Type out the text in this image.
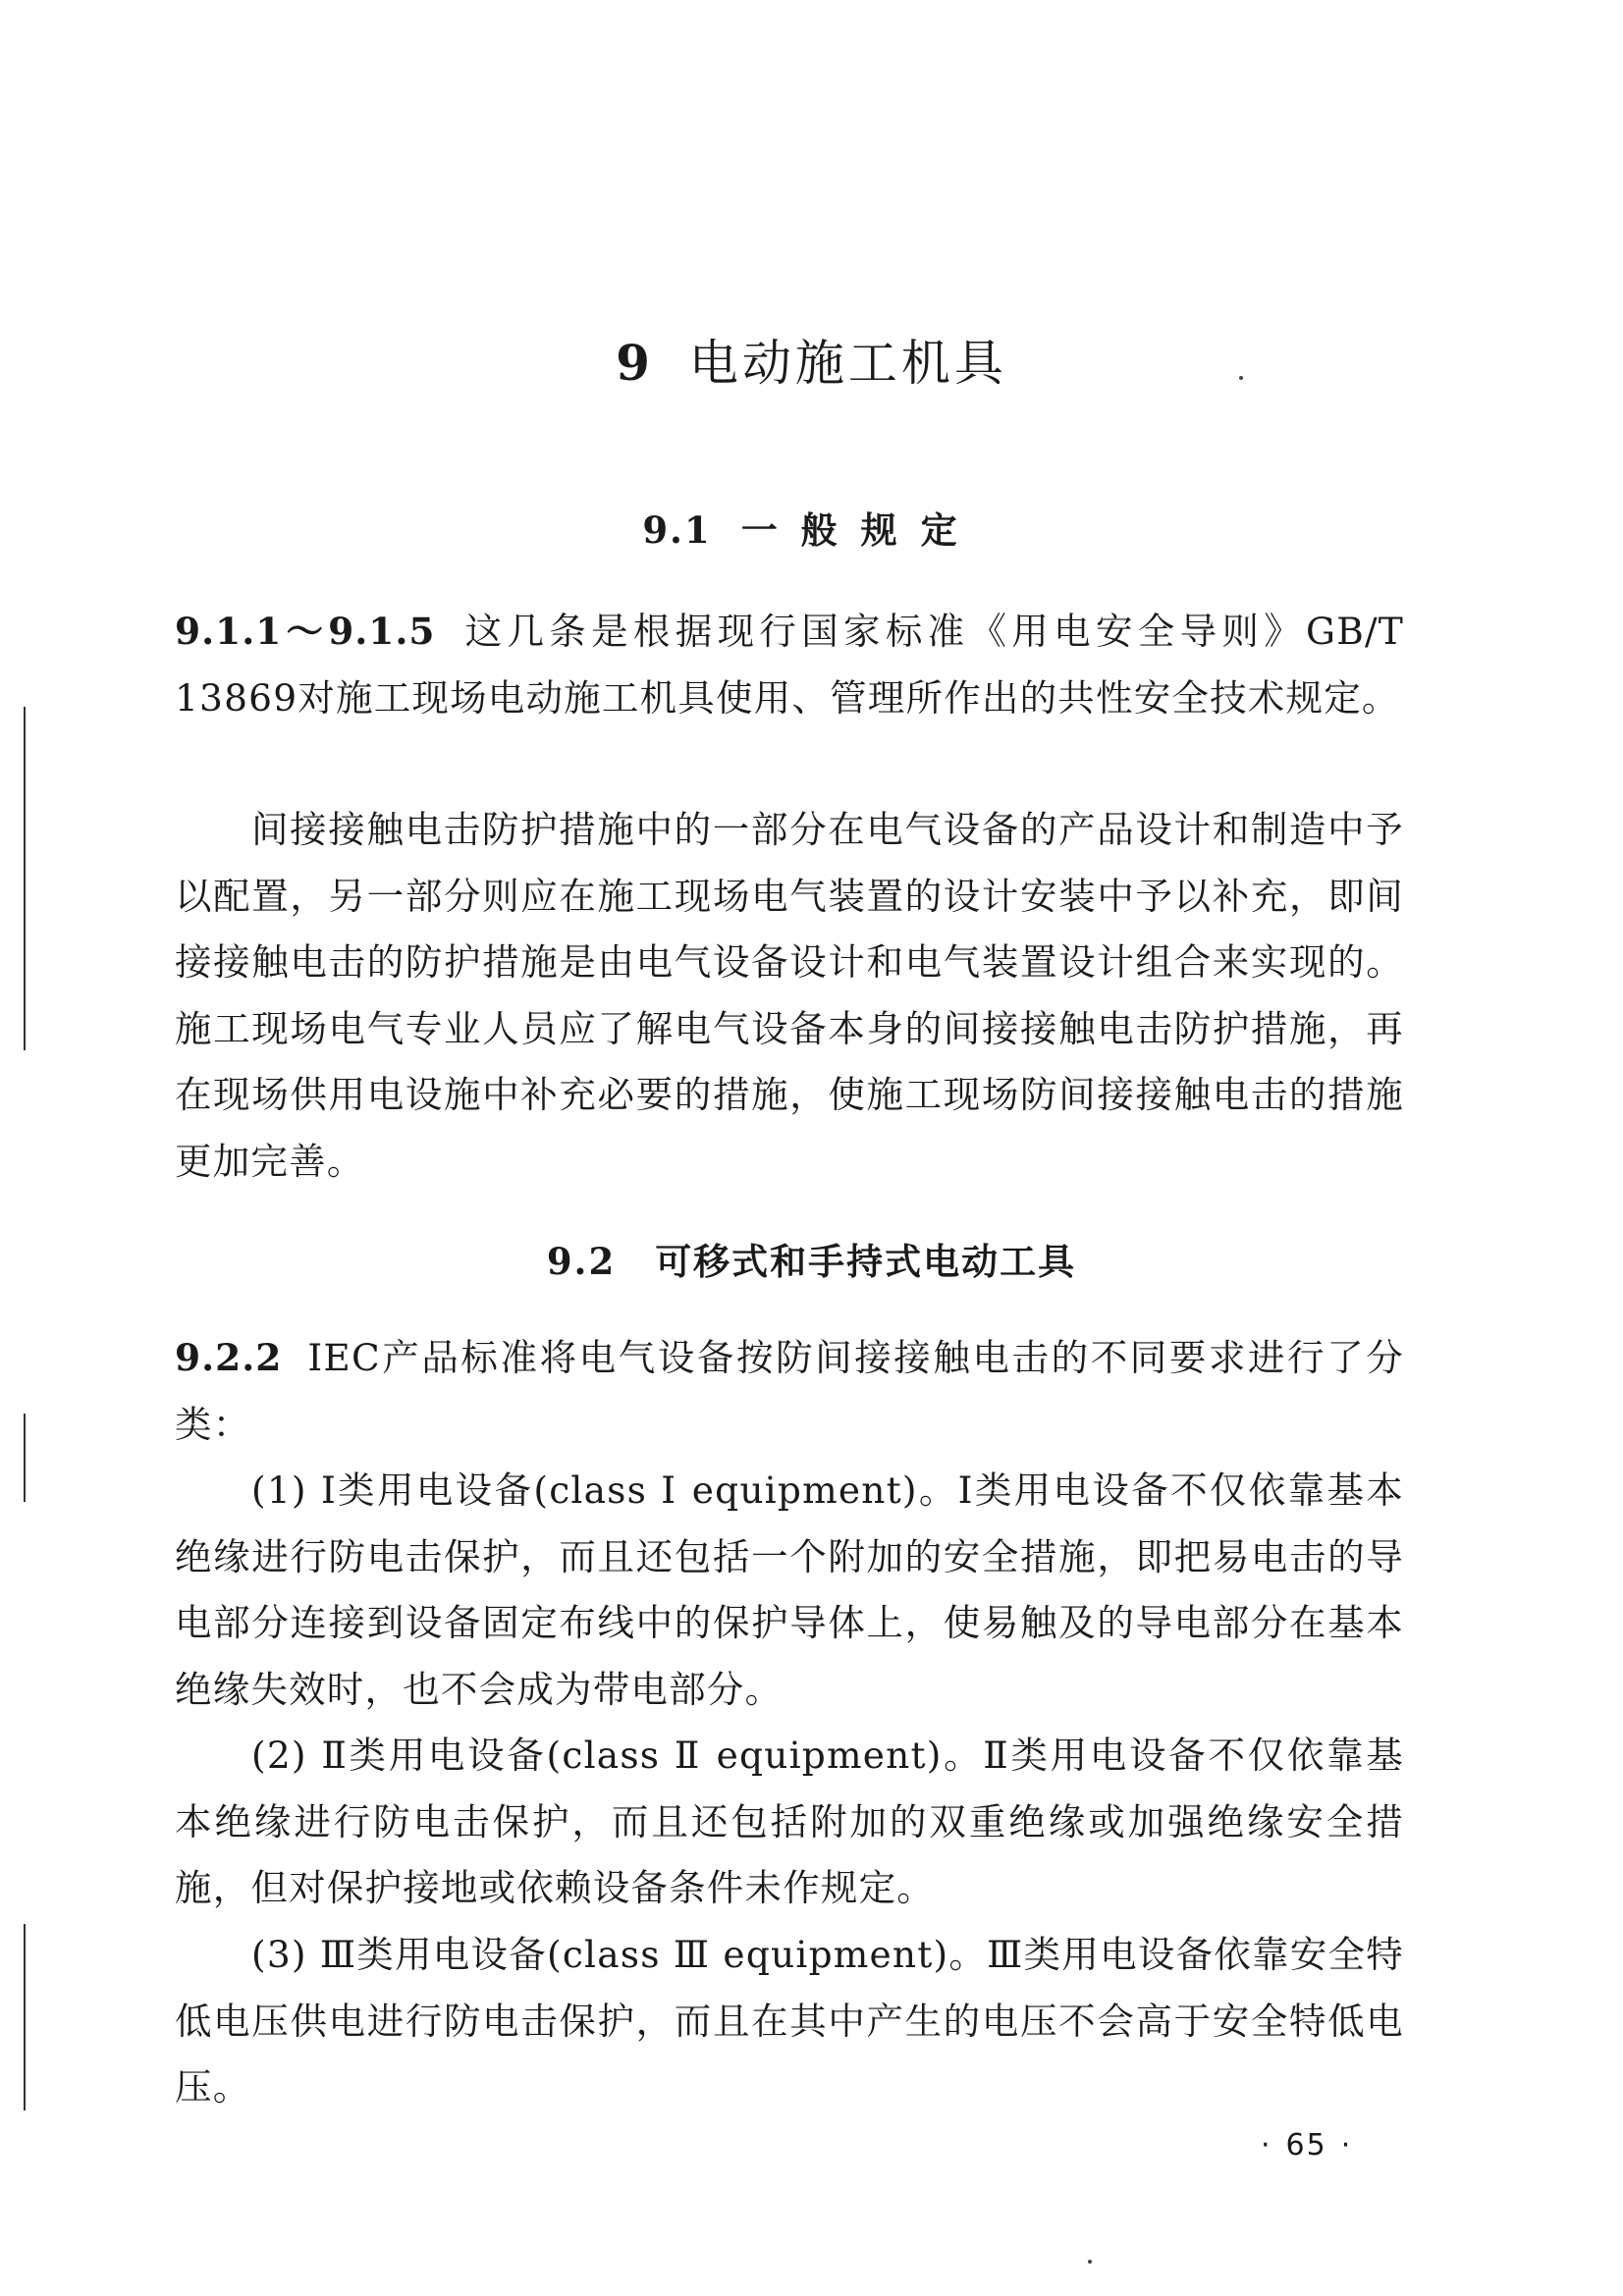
9 电动施工机具
9.1 一般规定

9.1.1～9.1.5 这几条是根据现行国家标准《用电安全导则》GB/T 13869对施工现场电动施工机具使用、管理所作出的共性安全技术规定。

间接接触电击防护措施中的一部分在电气设备的产品设计和制造中予以配置，另一部分则应在施工现场电气装置的设计安装中予以补充，即间接接触电击的防护措施是由电气设备设计和电气装置设计组合来实现的。施工现场电气专业人员应了解电气设备本身的间接接触电击防护措施，再在现场供用电设施中补充必要的措施，使施工现场防间接接触电击的措施更加完善。

9.2 可移式和手持式电动工具

9.2.2 IEC产品标准将电气设备按防间接接触电击的不同要求进行了分类：

(1) Ⅰ类用电设备(class Ⅰ equipment)。Ⅰ类用电设备不仅依靠基本绝缘进行防电击保护，而且还包括一个附加的安全措施，即把易电击的导电部分连接到设备固定布线中的保护导体上，使易触及的导电部分在基本绝缘失效时，也不会成为带电部分。

(2) Ⅱ类用电设备(class Ⅱ equipment)。Ⅱ类用电设备不仅依靠基本绝缘进行防电击保护，而且还包括附加的双重绝缘或加强绝缘安全措施，但对保护接地或依赖设备条件未作规定。

(3) Ⅲ类用电设备(class Ⅲ equipment)。Ⅲ类用电设备依靠安全特低电压供电进行防电击保护，而且在其中产生的电压不会高于安全特低电压。

· 65 ·
